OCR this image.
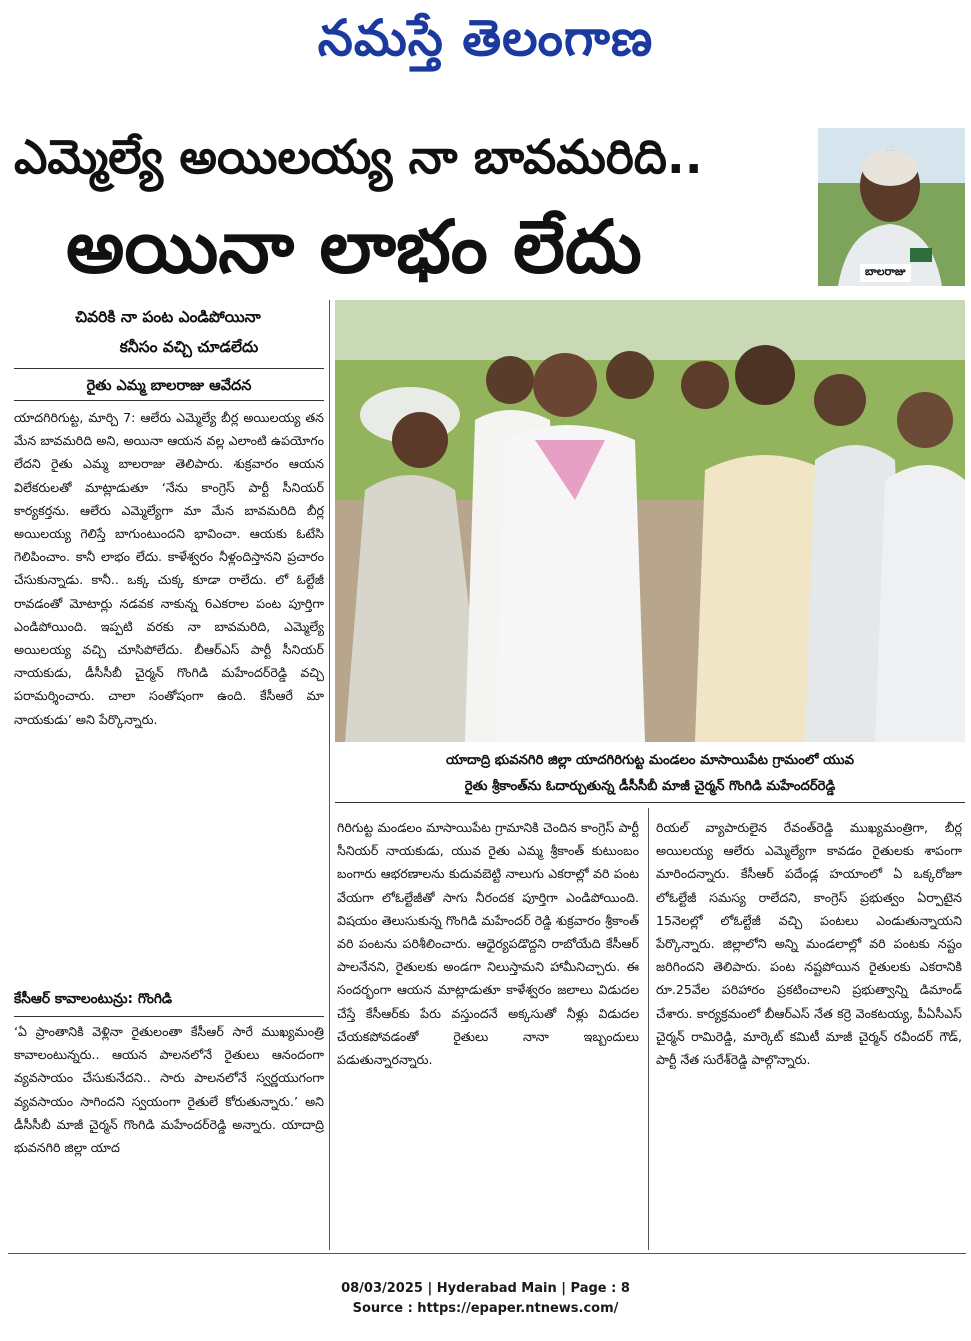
నమస్తే తెలంగాణ
ఎమ్మెల్యే అయిలయ్య నా బావమరిది..
అయినా లాభం లేదు	బాలరాజు
చివరికి నా పంట ఎండిపోయినా
కనీసం వచ్చి చూడలేదు
రైతు ఎమ్మ బాలరాజు ఆవేదన
యాదగిరిగుట్ట, మార్చి 7: ఆలేరు ఎమ్మెల్యే బీర్ల అయిలయ్య తన మేన బావమరిది అని, అయినా ఆయన వల్ల ఎలాంటి ఉపయోగం లేదని రైతు ఎమ్మ బాలరాజు తెలిపారు. శుక్రవారం ఆయన విలేకరులతో మాట్లాడుతూ ‘నేను కాంగ్రెస్ పార్టీ సీనియర్ కార్యకర్తను. ఆలేరు ఎమ్మెల్యేగా మా మేన బావమరిది బీర్ల అయిలయ్య గెలిస్తే బాగుంటుందని భావించా. ఆయకు ఓటేసి గెలిపించాం. కానీ లాభం లేదు. కాళేశ్వరం నీళ్లందిస్తానని ప్రచారం చేసుకున్నాడు. కానీ.. ఒక్క చుక్క కూడా రాలేదు. లో ఓల్టేజీ రావడంతో మోటార్లు నడవక నాకున్న 6ఎకరాల పంట పూర్తిగా ఎండిపోయింది. ఇప్పటి వరకు నా బావమరిది, ఎమ్మెల్యే అయిలయ్య వచ్చి చూసిపోలేదు. బీఆర్ఎస్ పార్టీ సీనియర్ నాయకుడు, డీసీసీబీ చైర్మన్ గొంగిడి మహేందర్‌రెడ్డి వచ్చి పరామర్శించారు. చాలా సంతోషంగా ఉంది. కేసీఆరే మా నాయకుడు’ అని పేర్కొన్నారు.
కేసీఆర్ కావాలంటున్రు: గొంగిడి
‘ఏ ప్రాంతానికి వెళ్లినా రైతులంతా కేసీఆర్ సారే ముఖ్యమంత్రి కావాలంటున్నరు.. ఆయన పాలనలోనే రైతులు ఆనందంగా వ్యవసాయం చేసుకునేదని.. సారు పాలనలోనే స్వర్ణయుగంగా వ్యవసాయం సాగిందని స్వయంగా రైతులే కోరుతున్నారు.’ అని డీసీసీబీ మాజీ చైర్మన్ గొంగిడి మహేందర్‌రెడ్డి అన్నారు. యాదాద్రి భువనగిరి జిల్లా యాద
యాదాద్రి భువనగిరి జిల్లా యాదగిరిగుట్ట మండలం మాసాయిపేట గ్రామంలో యువ
రైతు శ్రీకాంత్‌ను ఓదార్చుతున్న డీసీసీబీ మాజీ చైర్మన్ గొంగిడి మహేందర్‌రెడ్డి
గిరిగుట్ట మండలం మాసాయిపేట గ్రామానికి చెందిన కాంగ్రెస్ పార్టీ సీనియర్ నాయకుడు, యువ రైతు ఎమ్మ శ్రీకాంత్ కుటుంబం బంగారు ఆభరణాలను కుదువబెట్టి నాలుగు ఎకరాల్లో వరి పంట వేయగా లోఓల్టేజీతో సాగు నీరందక పూర్తిగా ఎండిపోయింది. విషయం తెలుసుకున్న గొంగిడి మహేందర్ రెడ్డి శుక్రవారం శ్రీకాంత్ వరి పంటను పరిశీలించారు. ఆధైర్యపడొద్దని రాబోయేది కేసీఆర్ పాలనేనని, రైతులకు అండగా నిలుస్తామని హామీనిచ్చారు. ఈ సందర్భంగా ఆయన మాట్లాడుతూ కాళేశ్వరం జలాలు విడుదల చేస్తే కేసీఆర్‌కు పేరు వస్తుందనే అక్కసుతో నీళ్లు విడుదల చేయకపోవడంతో రైతులు నానా ఇబ్బందులు పడుతున్నారన్నారు.
రియల్ వ్యాపారులైన రేవంత్‌రెడ్డి ముఖ్యమంత్రిగా, బీర్ల అయిలయ్య ఆలేరు ఎమ్మెల్యేగా కావడం రైతులకు శాపంగా మారిందన్నారు. కేసీఆర్ పదేండ్ల హయాంలో ఏ ఒక్కరోజూ లోఓల్టేజీ సమస్య రాలేదని, కాంగ్రెస్ ప్రభుత్వం ఏర్పాటైన 15నెలల్లో లోఓల్టేజీ వచ్చి పంటలు ఎండుతున్నాయని పేర్కొన్నారు. జిల్లాలోని అన్ని మండలాల్లో వరి పంటకు నష్టం జరిగిందని తెలిపారు. పంట నష్టపోయిన రైతులకు ఎకరానికి రూ.25వేల పరిహారం ప్రకటించాలని ప్రభుత్వాన్ని డిమాండ్ చేశారు. కార్యక్రమంలో బీఆర్ఎస్ నేత కర్రె వెంకటయ్య, పీఏసీఎస్ చైర్మన్ రామిరెడ్డి, మార్కెట్ కమిటీ మాజీ చైర్మన్ రవీందర్ గౌడ్, పార్టీ నేత సురేశ్‌రెడ్డి పాల్గొన్నారు.
08/03/2025 | Hyderabad Main | Page : 8
Source : https://epaper.ntnews.com/
